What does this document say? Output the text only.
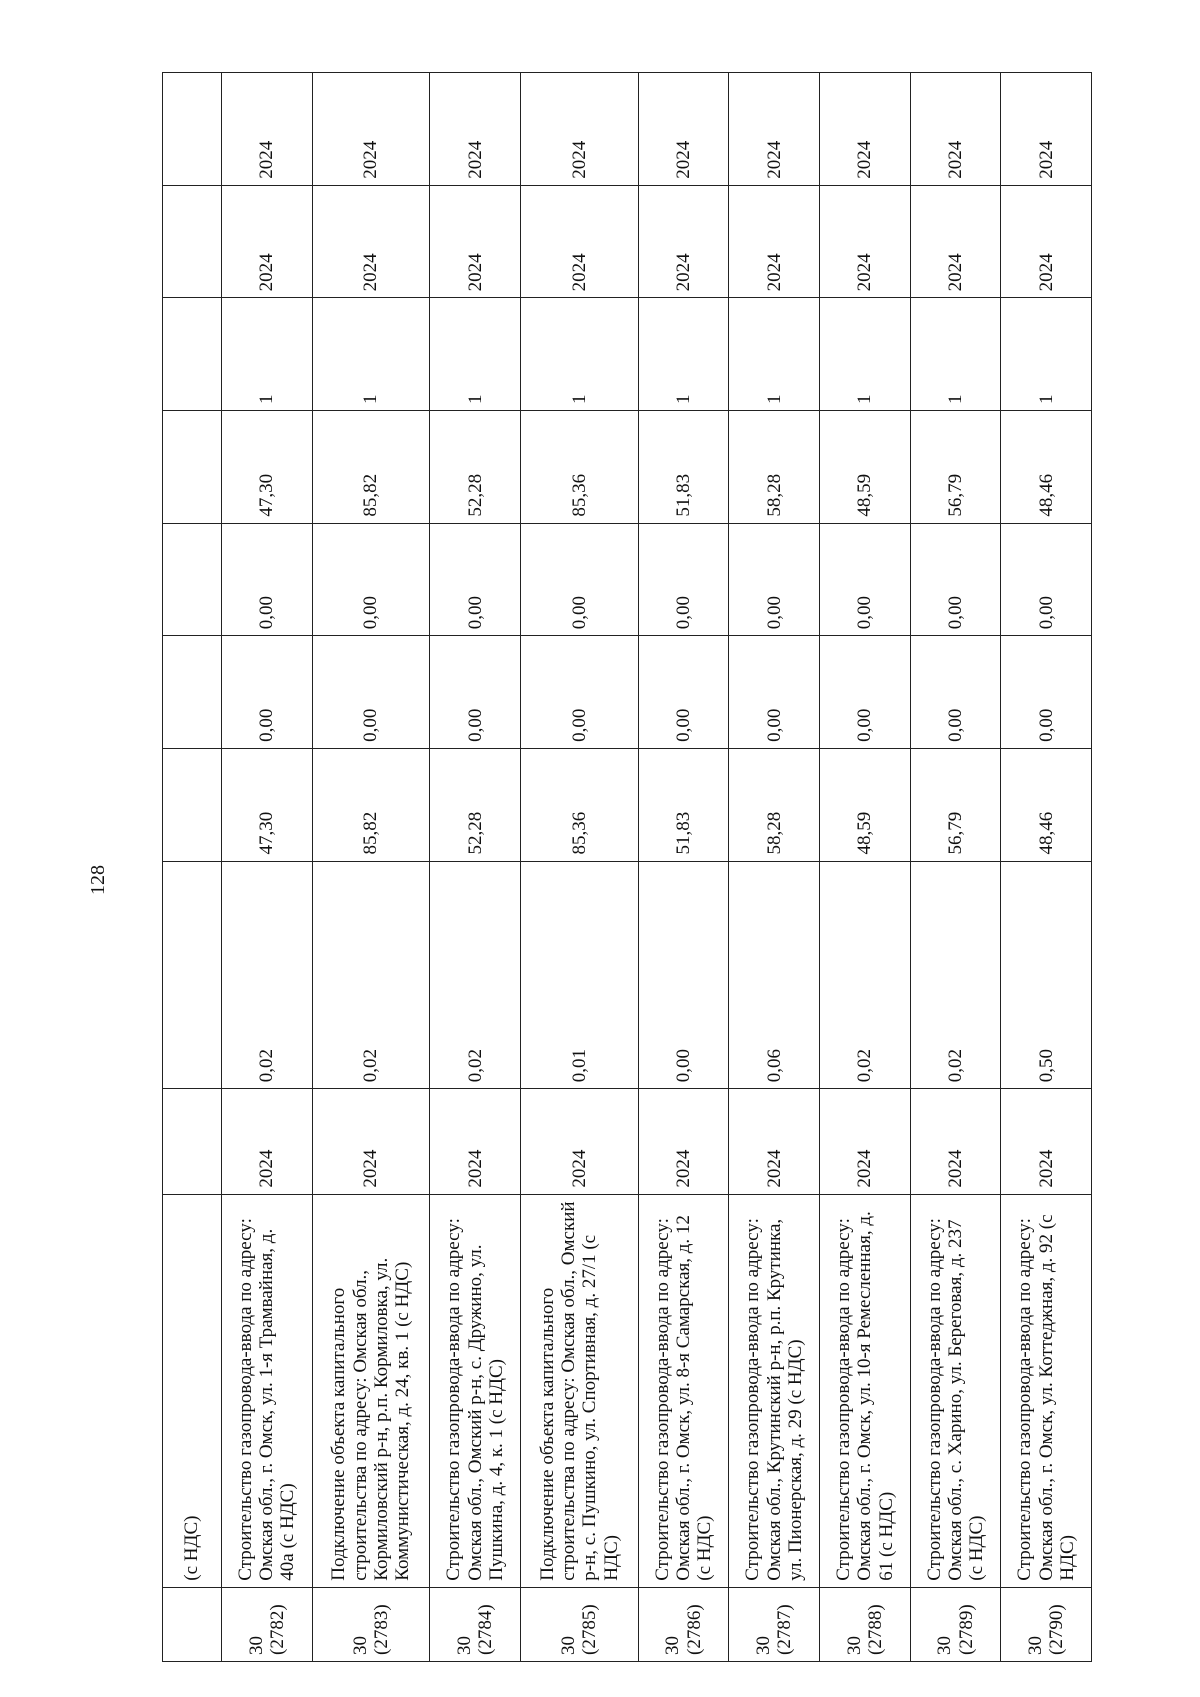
128
	(с НДС)									

30 (2782)	Строительство газопровода-ввода по адресу: Омская обл., г. Омск, ул. 1-я Трамвайная, д. 40а (с НДС)	2024	0,02	47,30	0,00	0,00	47,30	1	2024	2024

30 (2783)	Подключение объекта капитального строительства по адресу: Омская обл., Кормиловский р-н, р.п. Кормиловка, ул. Коммунистическая, д. 24, кв. 1 (с НДС)	2024	0,02	85,82	0,00	0,00	85,82	1	2024	2024

30 (2784)	Строительство газопровода-ввода по адресу: Омская обл., Омский р-н, с. Дружино, ул. Пушкина, д. 4, к. 1 (с НДС)	2024	0,02	52,28	0,00	0,00	52,28	1	2024	2024

30 (2785)	Подключение объекта капитального строительства по адресу: Омская обл., Омский р-н, с. Пушкино, ул. Спортивная, д. 27/1 (с НДС)	2024	0,01	85,36	0,00	0,00	85,36	1	2024	2024

30 (2786)	Строительство газопровода-ввода по адресу: Омская обл., г. Омск, ул. 8-я Самарская, д. 12 (с НДС)	2024	0,00	51,83	0,00	0,00	51,83	1	2024	2024

30 (2787)	Строительство газопровода-ввода по адресу: Омская обл., Крутинский р-н, р.п. Крутинка, ул. Пионерская, д. 29 (с НДС)	2024	0,06	58,28	0,00	0,00	58,28	1	2024	2024

30 (2788)	Строительство газопровода-ввода по адресу: Омская обл., г. Омск, ул. 10-я Ремесленная, д. 61 (с НДС)	2024	0,02	48,59	0,00	0,00	48,59	1	2024	2024

30 (2789)	Строительство газопровода-ввода по адресу: Омская обл., с. Харино, ул. Береговая, д. 237 (с НДС)	2024	0,02	56,79	0,00	0,00	56,79	1	2024	2024

30 (2790)	Строительство газопровода-ввода по адресу: Омская обл., г. Омск, ул. Коттеджная, д. 92 (с НДС)	2024	0,50	48,46	0,00	0,00	48,46	1	2024	2024
